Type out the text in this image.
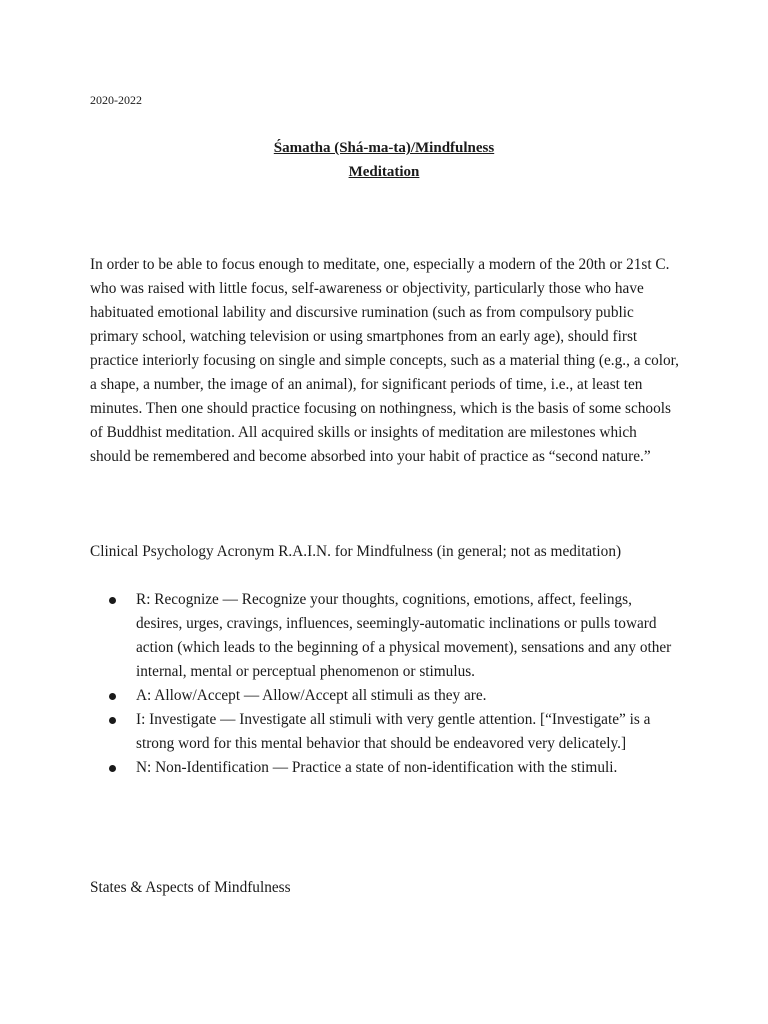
2020-2022
Śamatha (Shá-ma-ta)/Mindfulness
Meditation
In order to be able to focus enough to meditate, one, especially a modern of the 20th or 21st C. who was raised with little focus, self-awareness or objectivity, particularly those who have habituated emotional lability and discursive rumination (such as from compulsory public primary school, watching television or using smartphones from an early age), should first practice interiorly focusing on single and simple concepts, such as a material thing (e.g., a color, a shape, a number, the image of an animal), for significant periods of time, i.e., at least ten minutes. Then one should practice focusing on nothingness, which is the basis of some schools of Buddhist meditation. All acquired skills or insights of meditation are milestones which should be remembered and become absorbed into your habit of practice as “second nature.”
Clinical Psychology Acronym R.A.I.N. for Mindfulness (in general; not as meditation)
R: Recognize — Recognize your thoughts, cognitions, emotions, affect, feelings, desires, urges, cravings, influences, seemingly-automatic inclinations or pulls toward action (which leads to the beginning of a physical movement), sensations and any other internal, mental or perceptual phenomenon or stimulus.
A: Allow/Accept — Allow/Accept all stimuli as they are.
I: Investigate — Investigate all stimuli with very gentle attention. [“Investigate” is a strong word for this mental behavior that should be endeavored very delicately.]
N: Non-Identification — Practice a state of non-identification with the stimuli.
States & Aspects of Mindfulness
